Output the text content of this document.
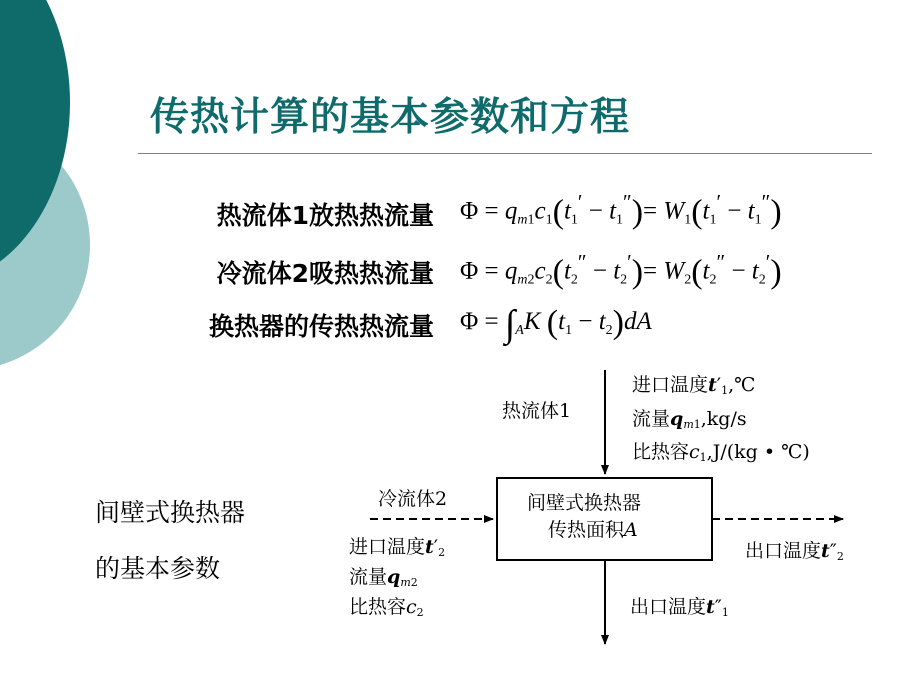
传热计算的基本参数和方程
热流体1放热热流量 $\Phi = q_{m1}c_1(t_1' - t_1'')= W_1(t_1' - t_1'')$
冷流体2吸热热流量 $\Phi = q_{m2}c_2(t_2'' - t_2')= W_2(t_2'' - t_2')$
换热器的传热热流量 $\Phi = \int_AK$ $(t_1 - t_2)dA$
间壁式换热器
的基本参数
热流体1
进口温度$t'_1,℃$
流量$q_{m1},kg/s$
比热容$c_1,J/(kg$ • ℃)
冷流体2	间壁式换热器
传热面积A
进口温度$t'_2$
流量$q_{m2}$
比热容$c_2$
出口温度$t''_2$
出口温度$t''_1$
